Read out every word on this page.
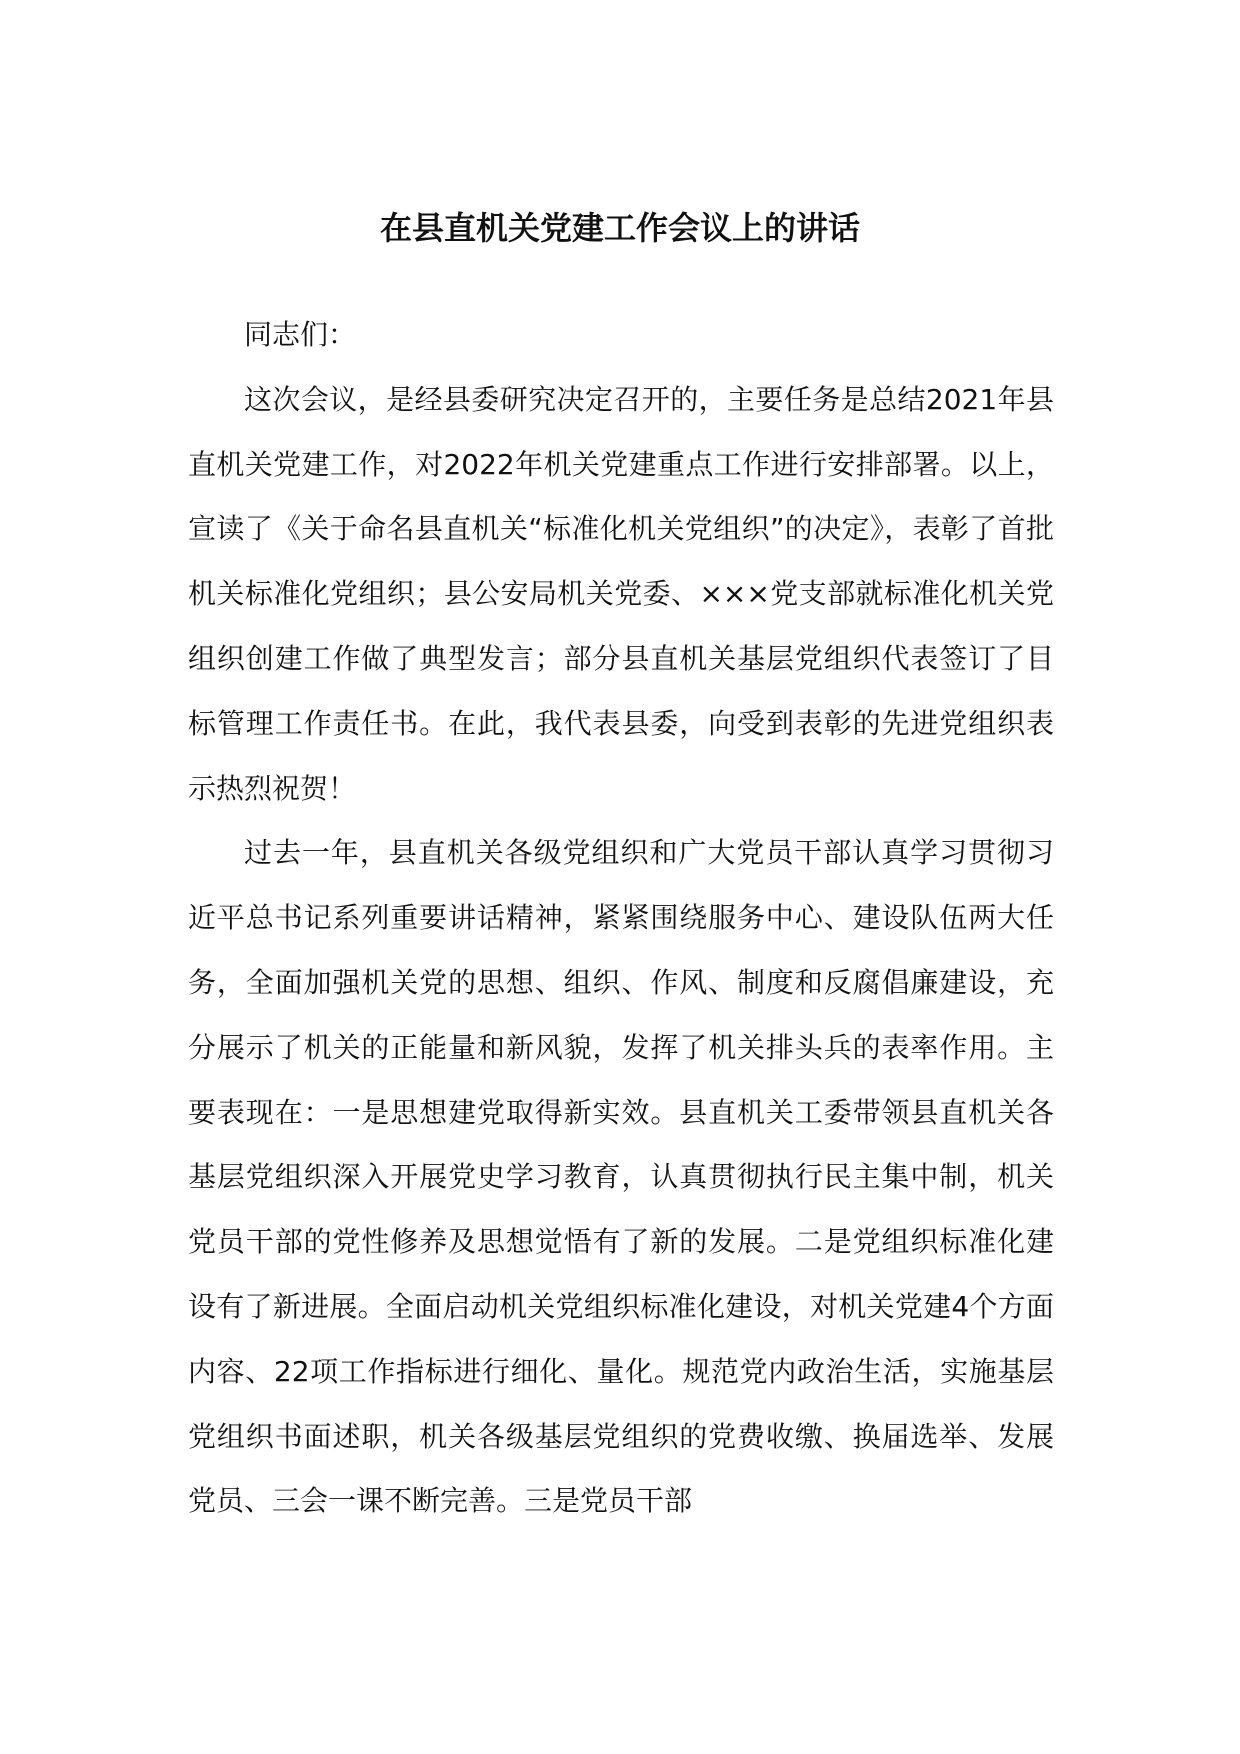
在县直机关党建工作会议上的讲话

同志们：

这次会议，是经县委研究决定召开的，主要任务是总结2021年县直机关党建工作，对2022年机关党建重点工作进行安排部署。以上，宣读了《关于命名县直机关“标准化机关党组织”的决定》，表彰了首批机关标准化党组织；县公安局机关党委、×××党支部就标准化机关党组织创建工作做了典型发言；部分县直机关基层党组织代表签订了目标管理工作责任书。在此，我代表县委，向受到表彰的先进党组织表示热烈祝贺！

过去一年，县直机关各级党组织和广大党员干部认真学习贯彻习近平总书记系列重要讲话精神，紧紧围绕服务中心、建设队伍两大任务，全面加强机关党的思想、组织、作风、制度和反腐倡廉建设，充分展示了机关的正能量和新风貌，发挥了机关排头兵的表率作用。主要表现在：一是思想建党取得新实效。县直机关工委带领县直机关各基层党组织深入开展党史学习教育，认真贯彻执行民主集中制，机关党员干部的党性修养及思想觉悟有了新的发展。二是党组织标准化建设有了新进展。全面启动机关党组织标准化建设，对机关党建4个方面内容、22项工作指标进行细化、量化。规范党内政治生活，实施基层党组织书面述职，机关各级基层党组织的党费收缴、换届选举、发展党员、三会一课不断完善。三是党员干部
